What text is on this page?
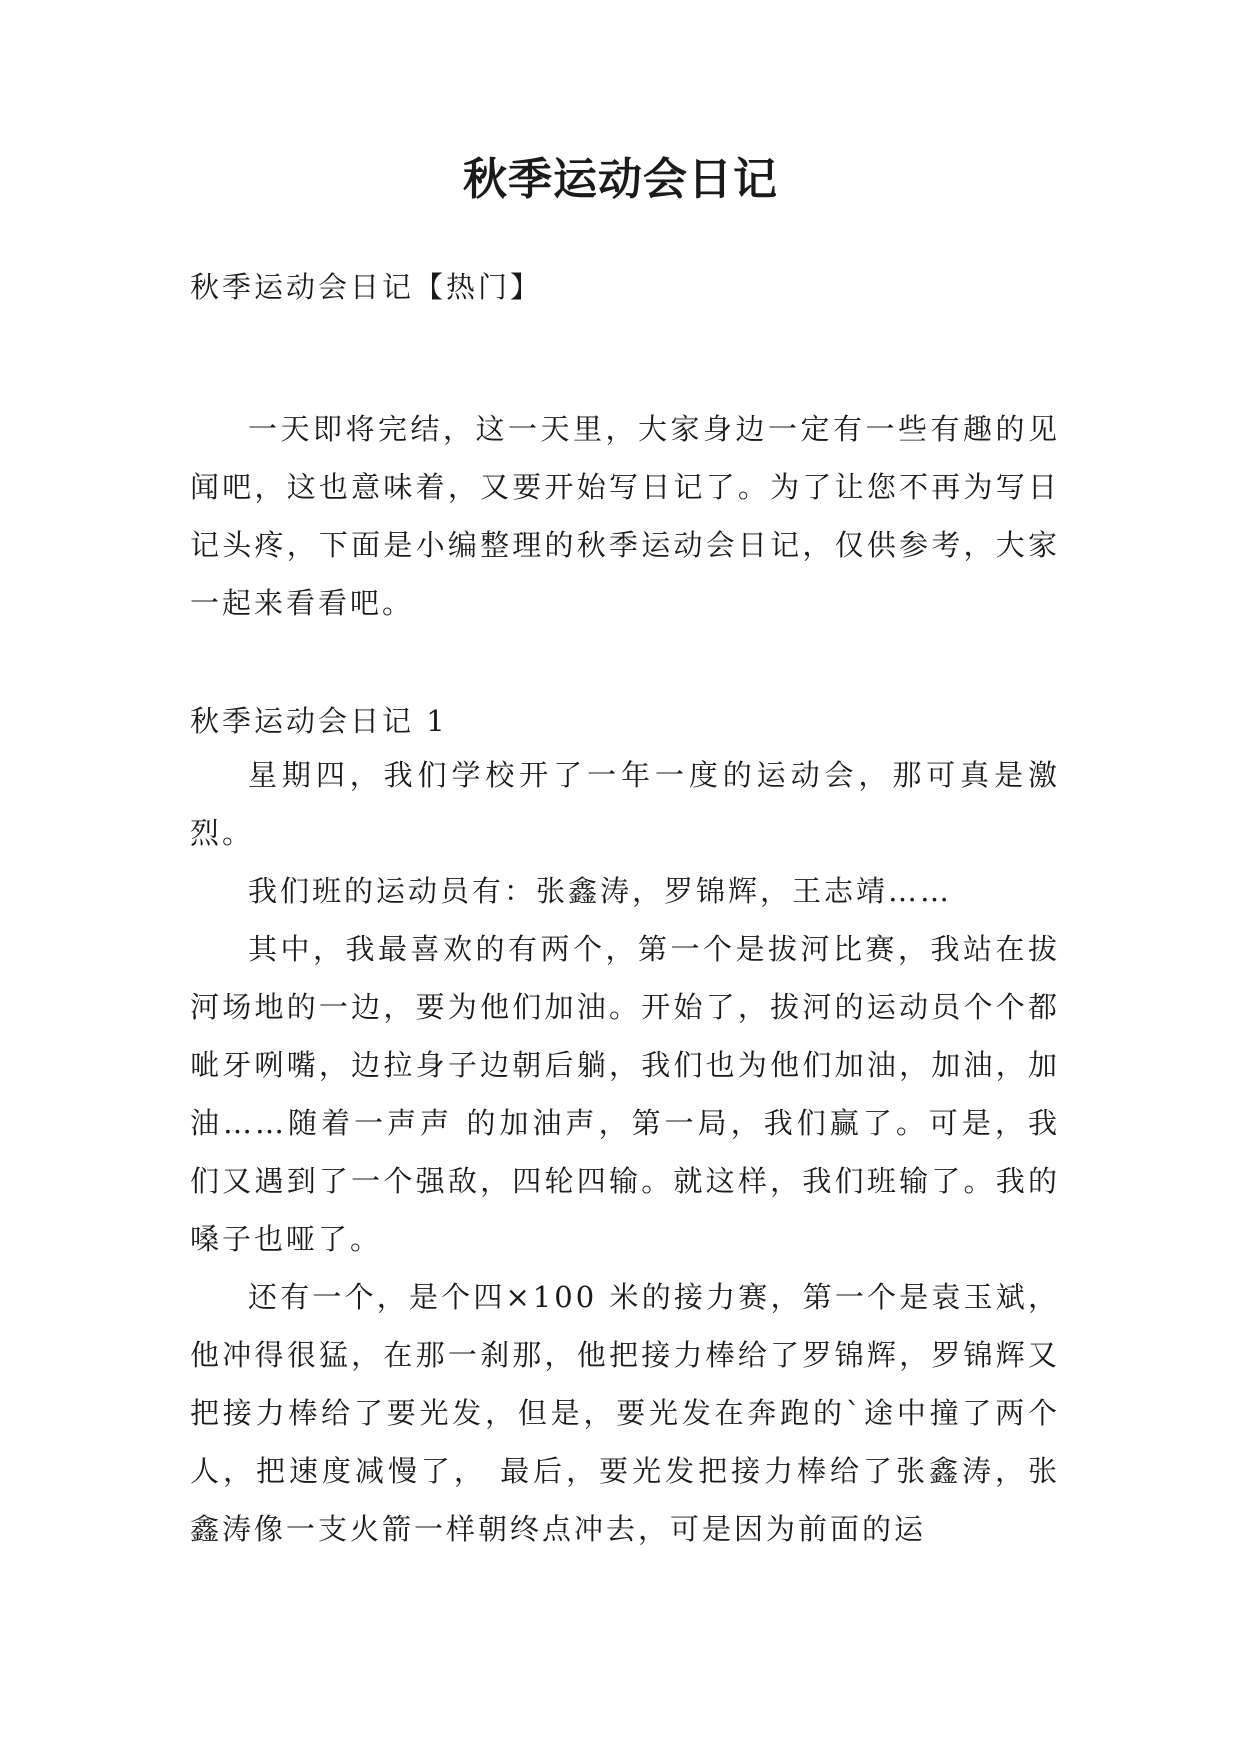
秋季运动会日记
秋季运动会日记【热门】

一天即将完结，这一天里，大家身边一定有一些有趣的见闻吧，这也意味着，又要开始写日记了。为了让您不再为写日记头疼，下面是小编整理的秋季运动会日记，仅供参考，大家一起来看看吧。

秋季运动会日记 1

星期四，我们学校开了一年一度的运动会，那可真是激烈。

我们班的运动员有：张鑫涛，罗锦辉，王志靖……

其中，我最喜欢的有两个，第一个是拔河比赛，我站在拔河场地的一边，要为他们加油。开始了，拔河的运动员个个都呲牙咧嘴，边拉身子边朝后躺，我们也为他们加油，加油，加油……随着一声声 的加油声，第一局，我们赢了。可是，我们又遇到了一个强敌，四轮四输。就这样，我们班输了。我的嗓子也哑了。

还有一个，是个四×100 米的接力赛，第一个是袁玉斌，他冲得很猛，在那一刹那，他把接力棒给了罗锦辉，罗锦辉又把接力棒给了要光发，但是，要光发在奔跑的`途中撞了两个人，把速度减慢了， 最后，要光发把接力棒给了张鑫涛，张鑫涛像一支火箭一样朝终点冲去，可是因为前面的运
